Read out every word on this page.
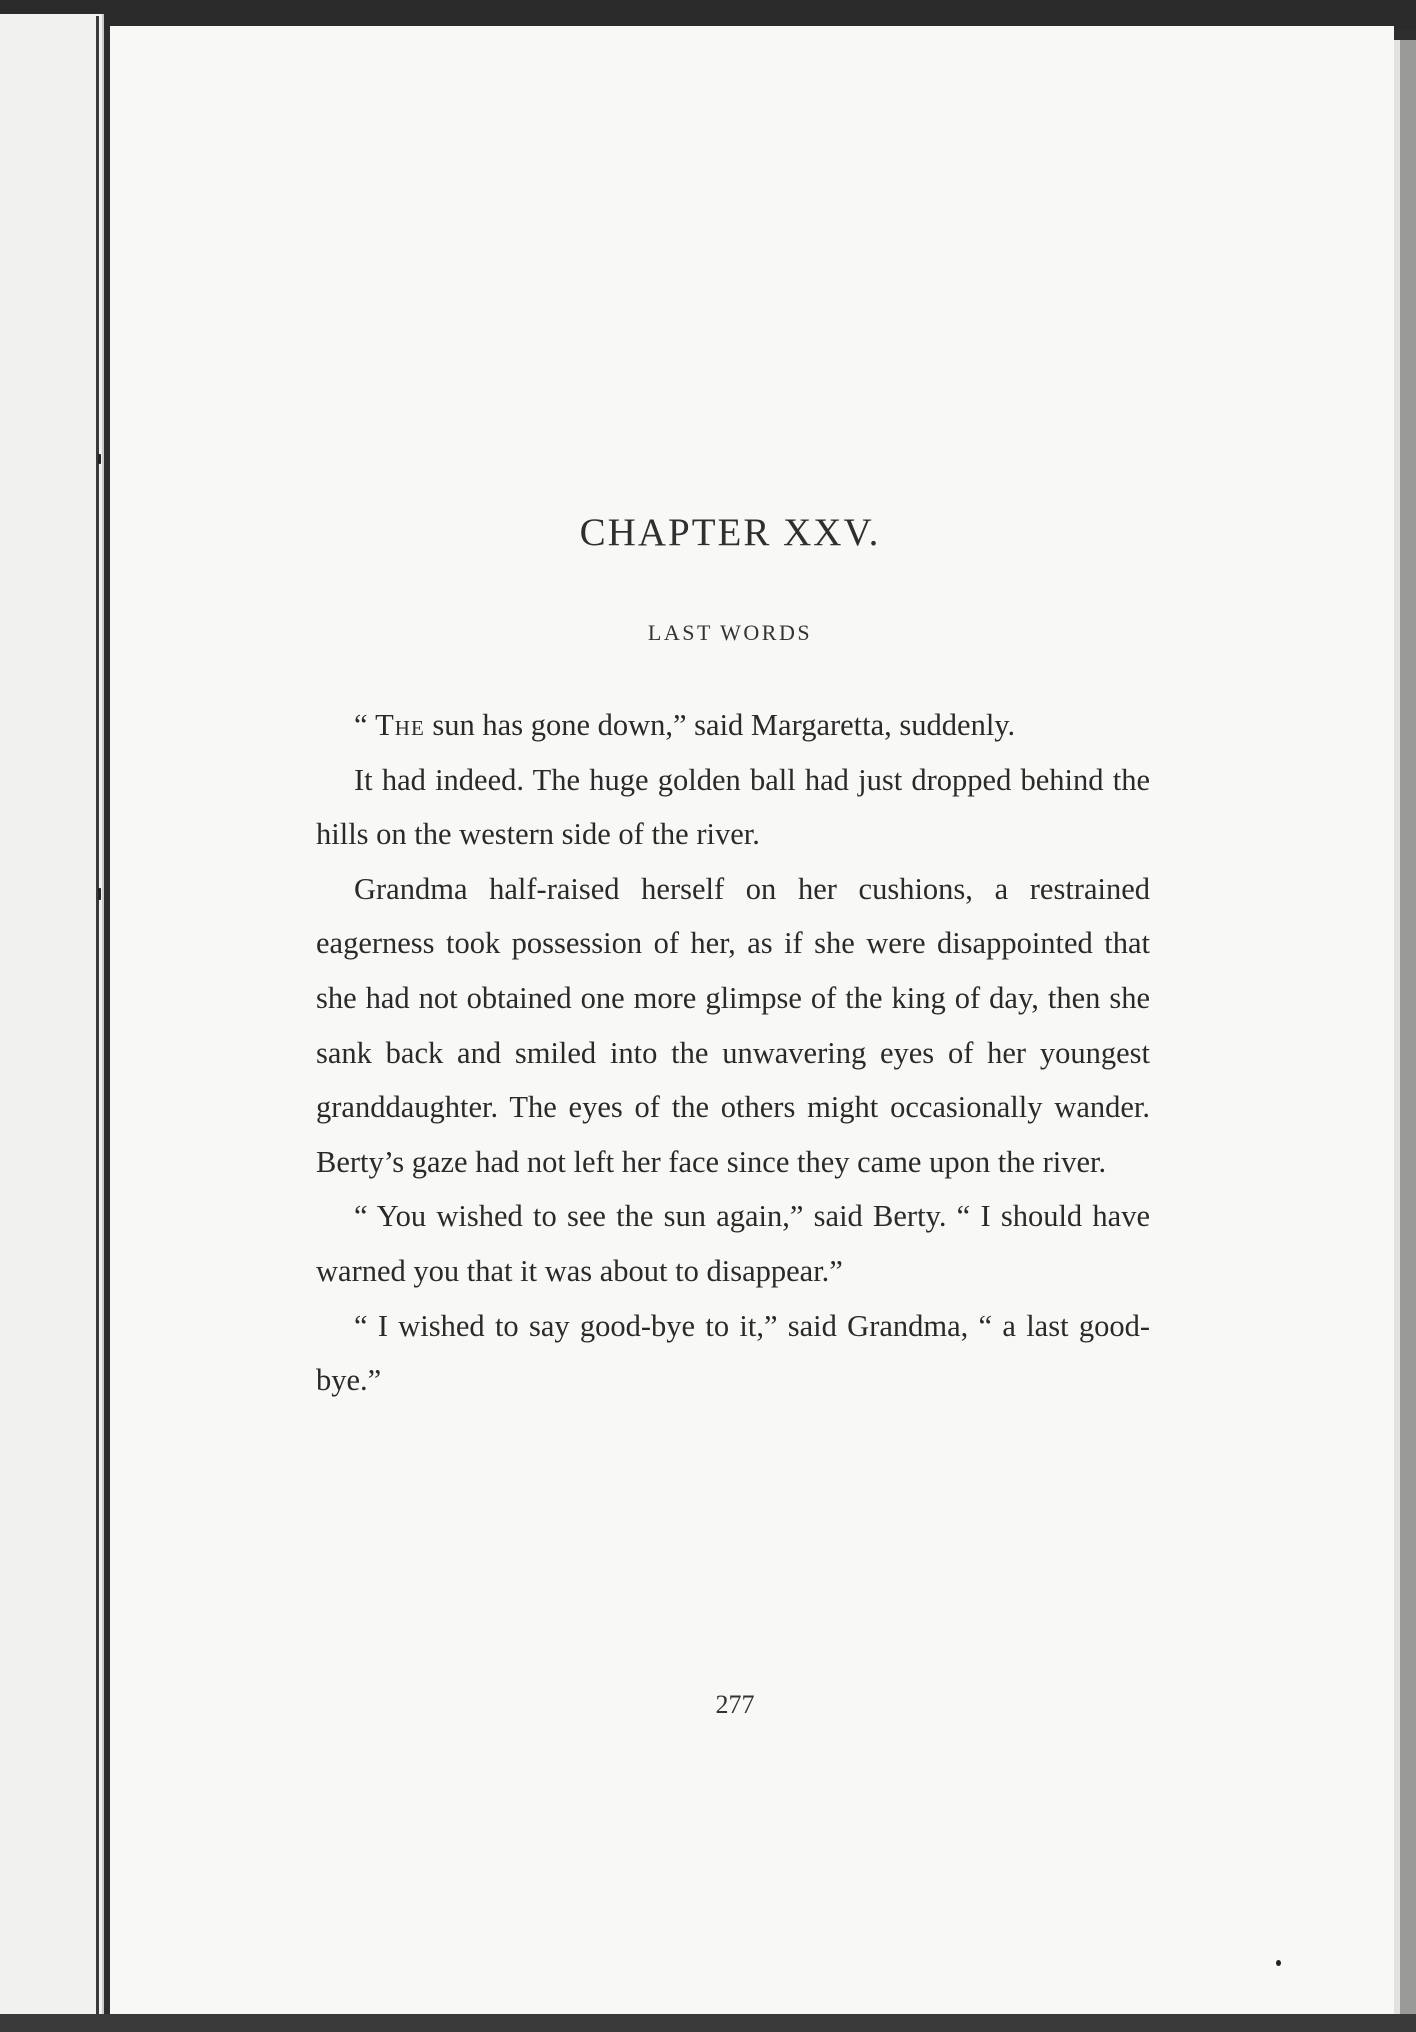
CHAPTER XXV.
LAST WORDS

“ The sun has gone down,” said Margaretta, suddenly.

It had indeed. The huge golden ball had just dropped behind the hills on the western side of the river.

Grandma half-raised herself on her cushions, a restrained eagerness took possession of her, as if she were disappointed that she had not obtained one more glimpse of the king of day, then she sank back and smiled into the unwavering eyes of her youngest granddaughter. The eyes of the others might occasionally wander. Berty’s gaze had not left her face since they came upon the river.

“ You wished to see the sun again,” said Berty. “ I should have warned you that it was about to disappear.”

“ I wished to say good-bye to it,” said Grandma, “ a last good-bye.”

277
